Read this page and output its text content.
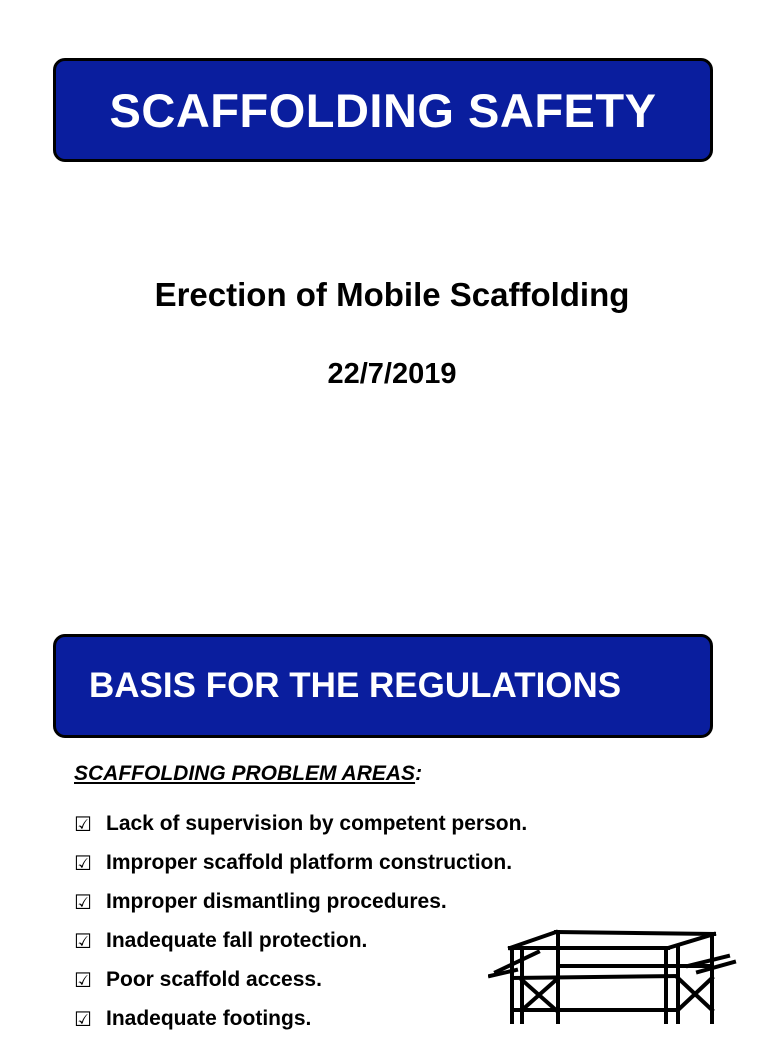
SCAFFOLDING SAFETY
Erection of Mobile Scaffolding
22/7/2019
BASIS FOR THE REGULATIONS
SCAFFOLDING PROBLEM AREAS:
☑ Lack of supervision by competent person.
☑ Improper scaffold platform construction.
☑ Improper dismantling procedures.
☑ Inadequate fall protection.
☑ Poor scaffold access.
☑ Inadequate footings.
